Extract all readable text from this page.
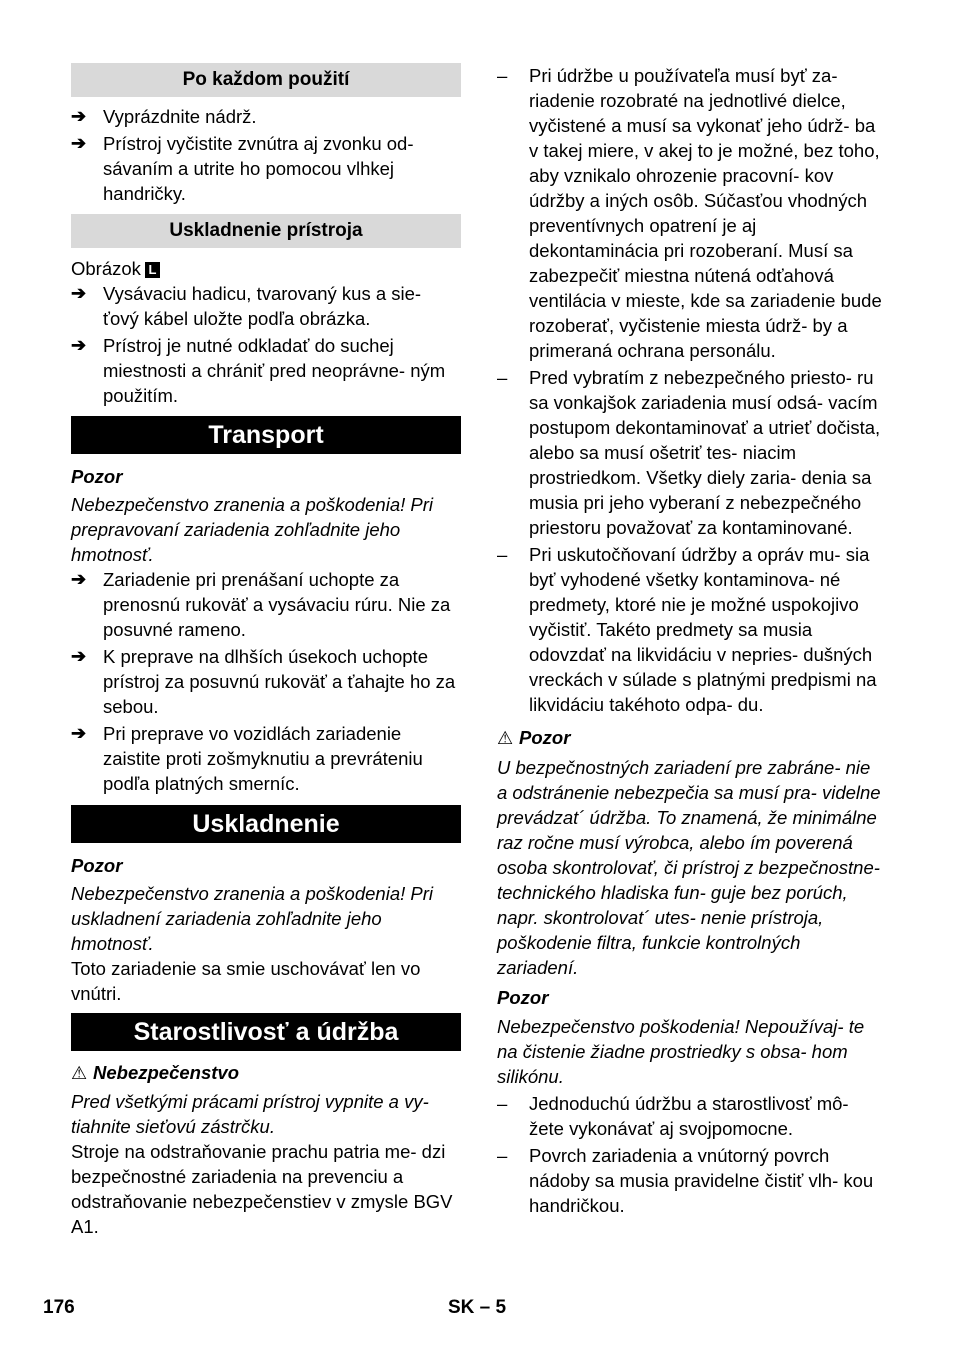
Po každom použití
➔ Vyprázdnite nádrž.
➔ Prístroj vyčistite zvnútra aj zvonku od- sávaním a utrite ho pomocou vlhkej handričky.
Uskladnenie prístroja

Obrázok L

➔ Vysávaciu hadicu, tvarovaný kus a sie- ťový kábel uložte podľa obrázka.
➔ Prístroj je nutné odkladať do suchej miestnosti a chrániť pred neoprávne- ným použitím.
Transport

Pozor

Nebezpečenstvo zranenia a poškodenia! Pri prepravovaní zariadenia zohľadnite jeho hmotnosť.

➔ Zariadenie pri prenášaní uchopte za prenosnú rukoväť a vysávaciu rúru. Nie za posuvné rameno.
➔ K preprave na dlhších úsekoch uchopte prístroj za posuvnú rukoväť a ťahajte ho za sebou.
➔ Pri preprave vo vozidlách zariadenie zaistite proti zošmyknutiu a prevráteniu podľa platných smerníc.
Uskladnenie

Pozor

Nebezpečenstvo zranenia a poškodenia! Pri uskladnení zariadenia zohľadnite jeho hmotnosť.

Toto zariadenie sa smie uschovávať len vo vnútri.

Starostlivosť a údržba

⚠ Nebezpečenstvo

Pred všetkými prácami prístroj vypnite a vy- tiahnite sieťovú zástrčku.

Stroje na odstraňovanie prachu patria me- dzi bezpečnostné zariadenia na prevenciu a odstraňovanie nebezpečenstiev v zmysle BGV A1.

– Pri údržbe u používateľa musí byť za- riadenie rozobraté na jednotlivé dielce, vyčistené a musí sa vykonať jeho údrž- ba v takej miere, v akej to je možné, bez toho, aby vznikalo ohrozenie pracovní- kov údržby a iných osôb. Súčasťou vhodných preventívnych opatrení je aj dekontaminácia pri rozoberaní. Musí sa zabezpečiť miestna nútená odťahová ventilácia v mieste, kde sa zariadenie bude rozoberať, vyčistenie miesta údrž- by a primeraná ochrana personálu.
– Pred vybratím z nebezpečného priesto- ru sa vonkajšok zariadenia musí odsá- vacím postupom dekontaminovať a utrieť dočista, alebo sa musí ošetriť tes- niacim prostriedkom. Všetky diely zaria- denia sa musia pri jeho vyberaní z nebezpečného priestoru považovať za kontaminované.
– Pri uskutočňovaní údržby a opráv mu- sia byť vyhodené všetky kontaminova- né predmety, ktoré nie je možné uspokojivo vyčistiť. Takéto predmety sa musia odovzdať na likvidáciu v nepries- dušných vreckách v súlade s platnými predpismi na likvidáciu takéhoto odpa- du.

⚠ Pozor

U bezpečnostných zariadení pre zabráne- nie a odstránenie nebezpečia sa musí pra- videlne prevádzat´ údržba. To znamená, že minimálne raz ročne musí výrobca, alebo ím poverená osoba skontrolovať, či prístroj z bezpečnostne-technického hladiska fun- guje bez porúch, napr. skontrolovat´ utes- nenie prístroja, poškodenie filtra, funkcie kontrolných zariadení.

Pozor

Nebezpečenstvo poškodenia! Nepoužívaj- te na čistenie žiadne prostriedky s obsa- hom silikónu.

– Jednoduchú údržbu a starostlivosť mô- žete vykonávať aj svojpomocne.
– Povrch zariadenia a vnútorný povrch nádoby sa musia pravidelne čistiť vlh- kou handričkou.
176	SK – 5
